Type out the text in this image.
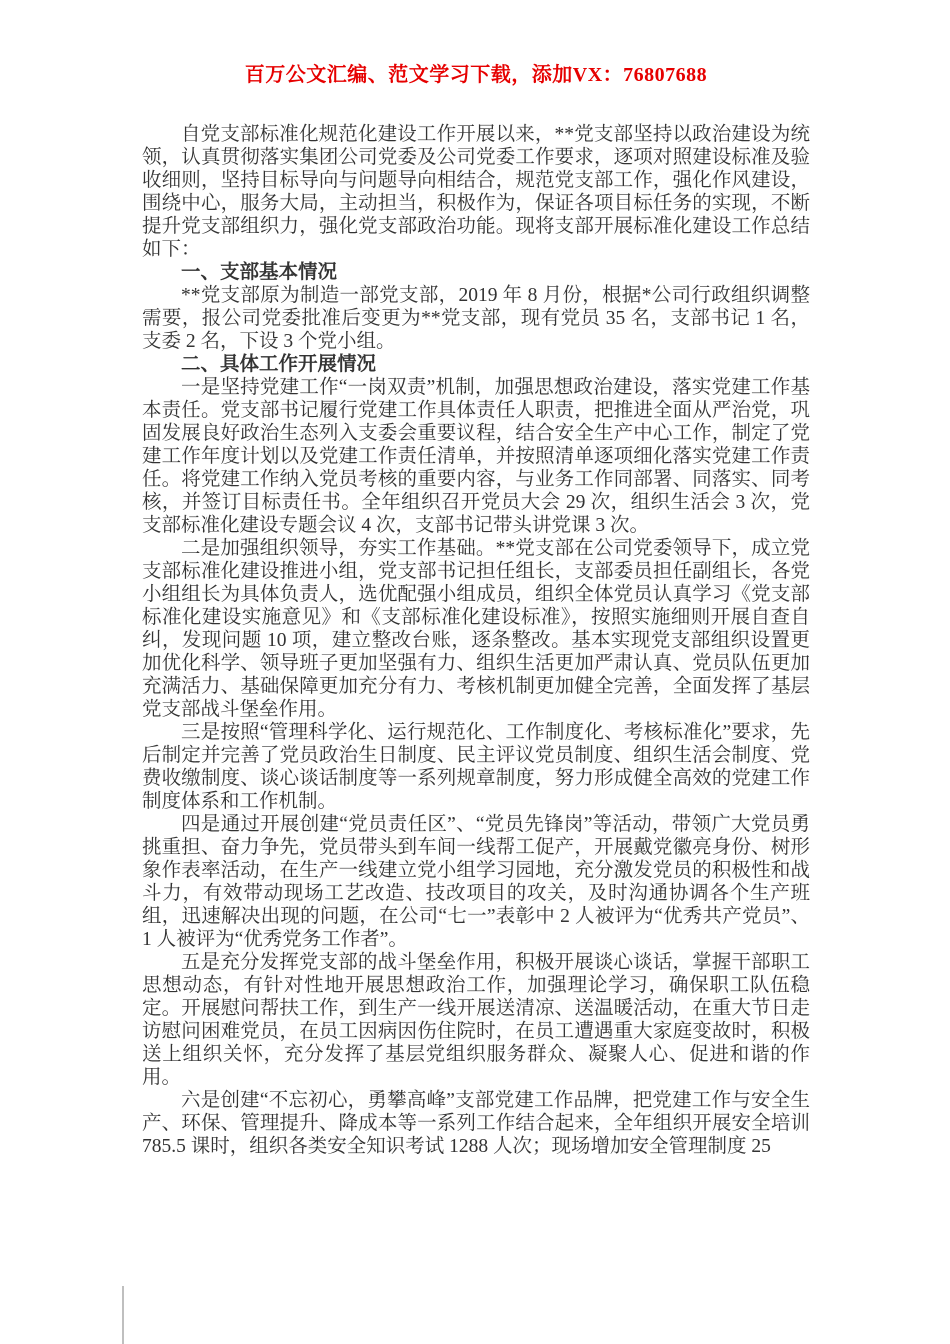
百万公文汇编、范文学习下载，添加VX：76807688

自党支部标准化规范化建设工作开展以来，**党支部坚持以政治建设为统领，认真贯彻落实集团公司党委及公司党委工作要求，逐项对照建设标准及验收细则，坚持目标导向与问题导向相结合，规范党支部工作，强化作风建设，围绕中心，服务大局，主动担当，积极作为，保证各项目标任务的实现，不断提升党支部组织力，强化党支部政治功能。现将支部开展标准化建设工作总结如下：

一、支部基本情况

**党支部原为制造一部党支部，2019 年 8 月份，根据*公司行政组织调整需要，报公司党委批准后变更为**党支部，现有党员 35 名，支部书记 1 名，支委 2 名，下设 3 个党小组。

二、具体工作开展情况

一是坚持党建工作“一岗双责”机制，加强思想政治建设，落实党建工作基本责任。党支部书记履行党建工作具体责任人职责，把推进全面从严治党，巩固发展良好政治生态列入支委会重要议程，结合安全生产中心工作，制定了党建工作年度计划以及党建工作责任清单，并按照清单逐项细化落实党建工作责任。将党建工作纳入党员考核的重要内容，与业务工作同部署、同落实、同考核，并签订目标责任书。全年组织召开党员大会 29 次，组织生活会 3 次，党支部标准化建设专题会议 4 次，支部书记带头讲党课 3 次。

二是加强组织领导，夯实工作基础。**党支部在公司党委领导下，成立党支部标准化建设推进小组，党支部书记担任组长，支部委员担任副组长，各党小组组长为具体负责人，选优配强小组成员，组织全体党员认真学习《党支部标准化建设实施意见》和《支部标准化建设标准》，按照实施细则开展自查自纠，发现问题 10 项，建立整改台账，逐条整改。基本实现党支部组织设置更加优化科学、领导班子更加坚强有力、组织生活更加严肃认真、党员队伍更加充满活力、基础保障更加充分有力、考核机制更加健全完善，全面发挥了基层党支部战斗堡垒作用。

三是按照“管理科学化、运行规范化、工作制度化、考核标准化”要求，先后制定并完善了党员政治生日制度、民主评议党员制度、组织生活会制度、党费收缴制度、谈心谈话制度等一系列规章制度，努力形成健全高效的党建工作制度体系和工作机制。

四是通过开展创建“党员责任区”、“党员先锋岗”等活动，带领广大党员勇挑重担、奋力争先，党员带头到车间一线帮工促产，开展戴党徽亮身份、树形象作表率活动，在生产一线建立党小组学习园地，充分激发党员的积极性和战斗力，有效带动现场工艺改造、技改项目的攻关，及时沟通协调各个生产班组，迅速解决出现的问题，在公司“七一”表彰中 2 人被评为“优秀共产党员”、1 人被评为“优秀党务工作者”。

五是充分发挥党支部的战斗堡垒作用，积极开展谈心谈话，掌握干部职工思想动态，有针对性地开展思想政治工作，加强理论学习，确保职工队伍稳定。开展慰问帮扶工作，到生产一线开展送清凉、送温暖活动，在重大节日走访慰问困难党员，在员工因病因伤住院时，在员工遭遇重大家庭变故时，积极送上组织关怀，充分发挥了基层党组织服务群众、凝聚人心、促进和谐的作用。

六是创建“不忘初心，勇攀高峰”支部党建工作品牌，把党建工作与安全生产、环保、管理提升、降成本等一系列工作结合起来，全年组织开展安全培训 785.5 课时，组织各类安全知识考试 1288 人次；现场增加安全管理制度 25
